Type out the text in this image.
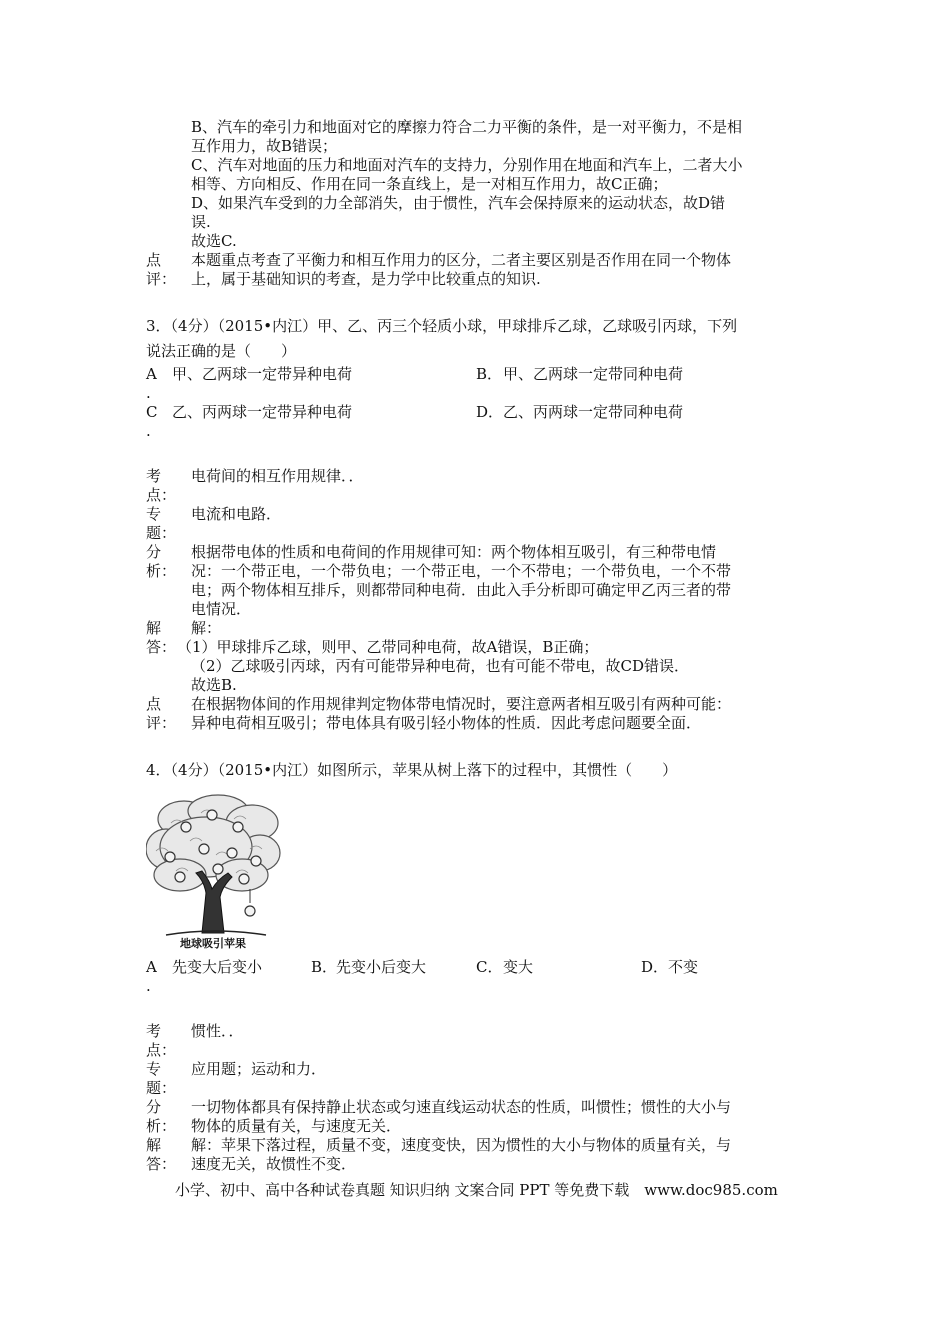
B、汽车的牵引力和地面对它的摩擦力符合二力平衡的条件，是一对平衡力，不是相
互作用力，故B错误；
C、汽车对地面的压力和地面对汽车的支持力，分别作用在地面和汽车上，二者大小
相等、方向相反、作用在同一条直线上，是一对相互作用力，故C正确；
D、如果汽车受到的力全部消失，由于惯性，汽车会保持原来的运动状态，故D错
误.
故选C.
点
评：
本题重点考查了平衡力和相互作用力的区分，二者主要区别是否作用在同一个物体
上，属于基础知识的考查，是力学中比较重点的知识.
3．（4分）（2015•内江）甲、乙、丙三个轻质小球，甲球排斥乙球，乙球吸引丙球，下列
说法正确的是（　　）
A
.
甲、乙两球一定带异种电荷	B． 甲、乙两球一定带同种电荷
C
.
乙、丙两球一定带异种电荷	D． 乙、丙两球一定带同种电荷
考
点：
电荷间的相互作用规律．．
专
题：
电流和电路．
分
析：
根据带电体的性质和电荷间的作用规律可知：两个物体相互吸引，有三种带电情
况：一个带正电，一个带负电；一个带正电，一个不带电；一个带负电，一个不带
电；两个物体相互排斥，则都带同种电荷．由此入手分析即可确定甲乙丙三者的带
电情况．
解
答：
解：
（1）甲球排斥乙球，则甲、乙带同种电荷，故A错误，B正确；
（2）乙球吸引丙球，丙有可能带异种电荷，也有可能不带电，故CD错误．
故选B.
点
评：
在根据物体间的作用规律判定物体带电情况时，要注意两者相互吸引有两种可能：
异种电荷相互吸引；带电体具有吸引轻小物体的性质．因此考虑问题要全面．
4．（4分）（2015•内江）如图所示，苹果从树上落下的过程中，其惯性（　　）
地球吸引苹果
A
.
先变大后变小	B．
先变小后变大	C． 变大	D． 不变
考
点：
惯性．．
专
题：
应用题；运动和力．
分
析：
一切物体都具有保持静止状态或匀速直线运动状态的性质，叫惯性；惯性的大小与
物体的质量有关，与速度无关．
解
答：
解：苹果下落过程，质量不变，速度变快，因为惯性的大小与物体的质量有关，与
速度无关，故惯性不变．
小学、初中、高中各种试卷真题 知识归纳 文案合同 PPT 等免费下载　www.doc985.com
